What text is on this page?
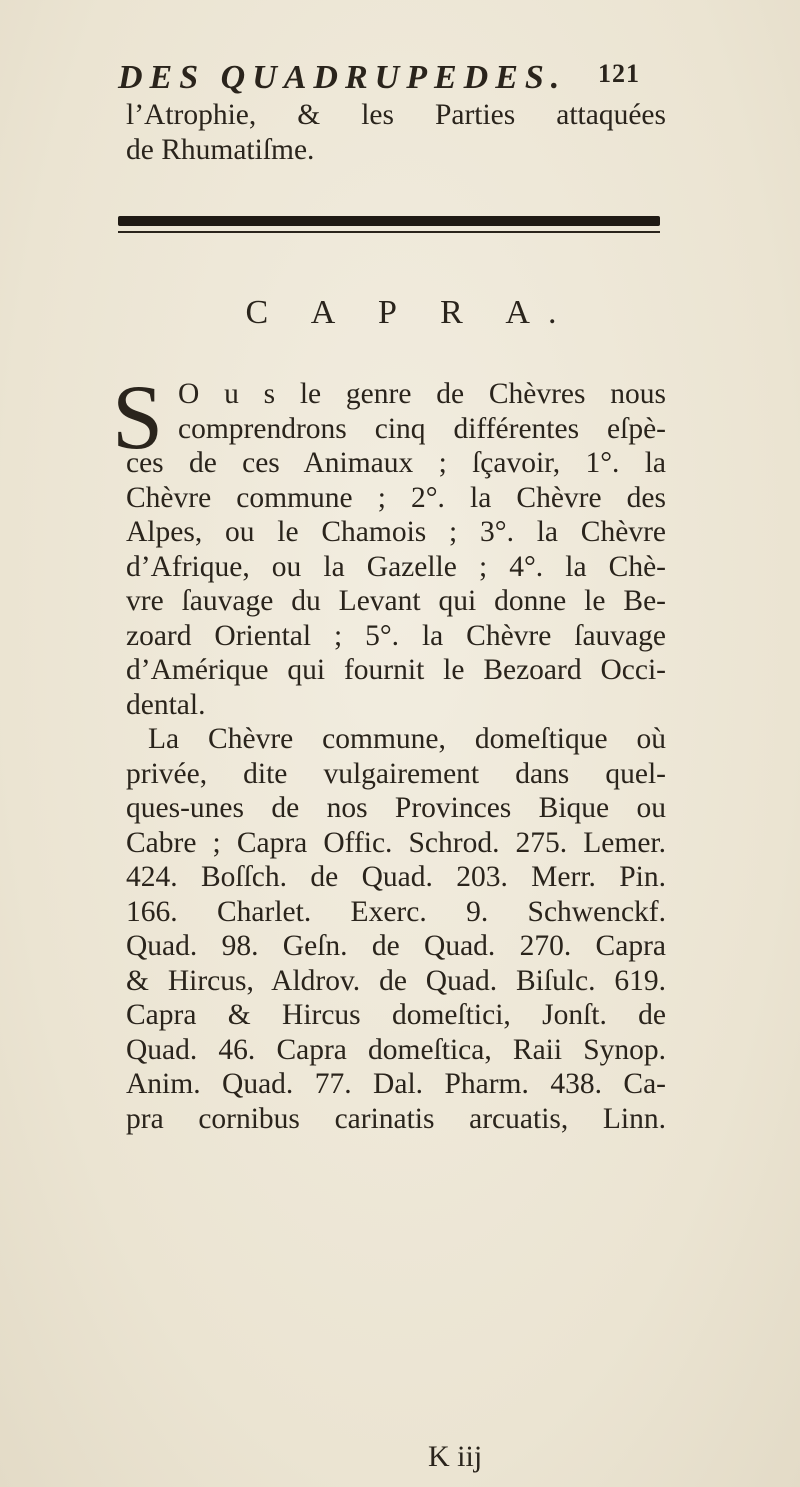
DES QUADRUPEDES. 121
l’Atrophie, & les Parties attaquées
de Rhumatiſme.
C A P R A.
S O u s le genre de Chèvres nous
comprendrons cinq différentes eſpè-
ces de ces Animaux ; ſçavoir, 1°. la
Chèvre commune ; 2°. la Chèvre des
Alpes, ou le Chamois ; 3°. la Chèvre
d’Afrique, ou la Gazelle ; 4°. la Chè-
vre ſauvage du Levant qui donne le Be-
zoard Oriental ; 5°. la Chèvre ſauvage
d’Amérique qui fournit le Bezoard Occi-
dental.
La Chèvre commune, domeſtique où
privée, dite vulgairement dans quel-
ques-unes de nos Provinces Bique ou
Cabre ; Capra Offic. Schrod. 275. Lemer.
424. Boſſch. de Quad. 203. Merr. Pin.
166. Charlet. Exerc. 9. Schwenckf.
Quad. 98. Geſn. de Quad. 270. Capra
& Hircus, Aldrov. de Quad. Biſulc. 619.
Capra & Hircus domeſtici, Jonſt. de
Quad. 46. Capra domeſtica, Raii Synop.
Anim. Quad. 77. Dal. Pharm. 438. Ca-
pra cornibus carinatis arcuatis, Linn.
K iij
